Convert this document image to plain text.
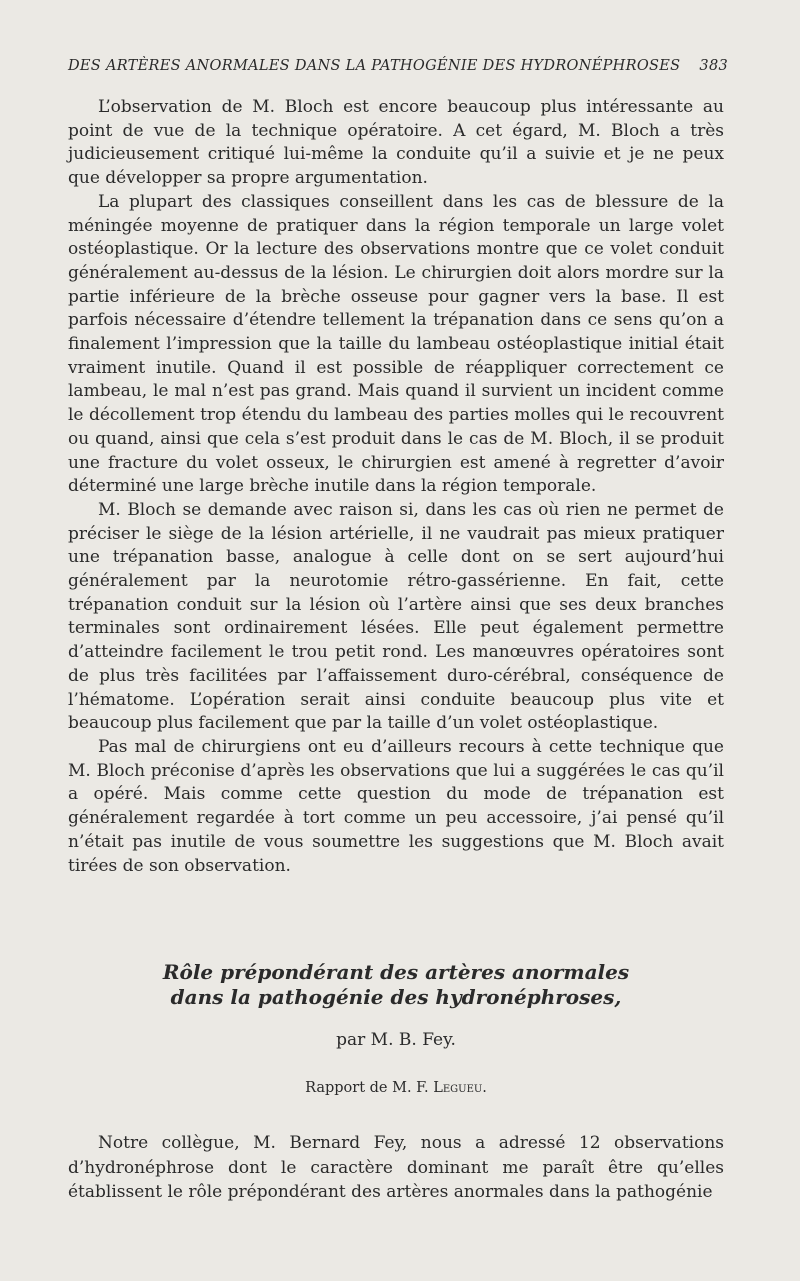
DES ARTÈRES ANORMALES DANS LA PATHOGÉNIE DES HYDRONÉPHROSES 383

L’observation de M. Bloch est encore beaucoup plus intéressante au point de vue de la technique opératoire. A cet égard, M. Bloch a très judicieusement critiqué lui-même la conduite qu’il a suivie et je ne peux que développer sa propre argumentation.

La plupart des classiques conseillent dans les cas de blessure de la méningée moyenne de pratiquer dans la région temporale un large volet ostéoplastique. Or la lecture des observations montre que ce volet conduit généralement au-dessus de la lésion. Le chirurgien doit alors mordre sur la partie inférieure de la brèche osseuse pour gagner vers la base. Il est parfois nécessaire d’étendre tellement la trépanation dans ce sens qu’on a finalement l’impression que la taille du lambeau ostéoplastique initial était vraiment inutile. Quand il est possible de réappliquer correctement ce lambeau, le mal n’est pas grand. Mais quand il survient un incident comme le décollement trop étendu du lambeau des parties molles qui le recouvrent ou quand, ainsi que cela s’est produit dans le cas de M. Bloch, il se produit une fracture du volet osseux, le chirurgien est amené à regretter d’avoir déterminé une large brèche inutile dans la région temporale.

M. Bloch se demande avec raison si, dans les cas où rien ne permet de préciser le siège de la lésion artérielle, il ne vaudrait pas mieux pratiquer une trépanation basse, analogue à celle dont on se sert aujourd’hui généralement par la neurotomie rétro-gassérienne. En fait, cette trépanation conduit sur la lésion où l’artère ainsi que ses deux branches terminales sont ordinairement lésées. Elle peut également permettre d’atteindre facilement le trou petit rond. Les manœuvres opératoires sont de plus très facilitées par l’affaissement duro-cérébral, conséquence de l’hématome. L’opération serait ainsi conduite beaucoup plus vite et beaucoup plus facilement que par la taille d’un volet ostéoplastique.

Pas mal de chirurgiens ont eu d’ailleurs recours à cette technique que M. Bloch préconise d’après les observations que lui a suggérées le cas qu’il a opéré. Mais comme cette question du mode de trépanation est généralement regardée à tort comme un peu accessoire, j’ai pensé qu’il n’était pas inutile de vous soumettre les suggestions que M. Bloch avait tirées de son observation.

Rôle prépondérant des artères anormales
dans la pathogénie des hydronéphroses,
par M. B. Fey.
Rapport de M. F. Legueu.

Notre collègue, M. Bernard Fey, nous a adressé 12 observations d’hydronéphrose dont le caractère dominant me paraît être qu’elles établissent le rôle prépondérant des artères anormales dans la pathogénie
